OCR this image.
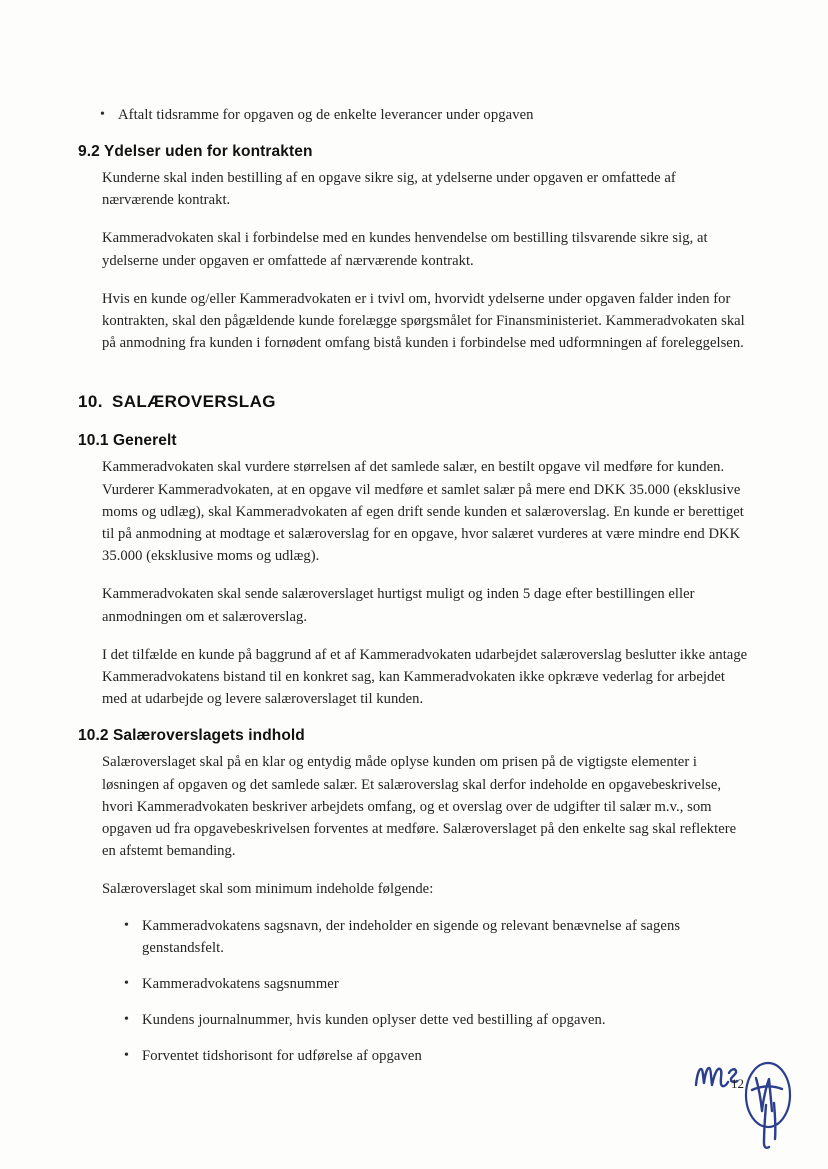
• Aftalt tidsramme for opgaven og de enkelte leverancer under opgaven
9.2 Ydelser uden for kontrakten

Kunderne skal inden bestilling af en opgave sikre sig, at ydelserne under opgaven er omfattede af nærværende kontrakt.

Kammeradvokaten skal i forbindelse med en kundes henvendelse om bestilling tilsvarende sikre sig, at ydelserne under opgaven er omfattede af nærværende kontrakt.

Hvis en kunde og/eller Kammeradvokaten er i tvivl om, hvorvidt ydelserne under opgaven falder inden for kontrakten, skal den pågældende kunde forelægge spørgsmålet for Finansministeriet. Kammeradvokaten skal på anmodning fra kunden i fornødent omfang bistå kunden i forbindelse med udformningen af foreleggelsen.

10. SALÆROVERSLAG
10.1 Generelt

Kammeradvokaten skal vurdere størrelsen af det samlede salær, en bestilt opgave vil medføre for kunden. Vurderer Kammeradvokaten, at en opgave vil medføre et samlet salær på mere end DKK 35.000 (eksklusive moms og udlæg), skal Kammeradvokaten af egen drift sende kunden et salæroverslag. En kunde er berettiget til på anmodning at modtage et salæroverslag for en opgave, hvor salæret vurderes at være mindre end DKK 35.000 (eksklusive moms og udlæg).

Kammeradvokaten skal sende salæroverslaget hurtigst muligt og inden 5 dage efter bestillingen eller anmodningen om et salæroverslag.

I det tilfælde en kunde på baggrund af et af Kammeradvokaten udarbejdet salæroverslag beslutter ikke antage Kammeradvokatens bistand til en konkret sag, kan Kammeradvokaten ikke opkræve vederlag for arbejdet med at udarbejde og levere salæroverslaget til kunden.

10.2 Salæroverslagets indhold

Salæroverslaget skal på en klar og entydig måde oplyse kunden om prisen på de vigtigste elementer i løsningen af opgaven og det samlede salær. Et salæroverslag skal derfor indeholde en opgavebeskrivelse, hvori Kammeradvokaten beskriver arbejdets omfang, og et overslag over de udgifter til salær m.v., som opgaven ud fra opgavebeskrivelsen forventes at medføre. Salæroverslaget på den enkelte sag skal reflektere en afstemt bemanding.

Salæroverslaget skal som minimum indeholde følgende:

• Kammeradvokatens sagsnavn, der indeholder en sigende og relevant benævnelse af sagens genstandsfelt.
• Kammeradvokatens sagsnummer
• Kundens journalnummer, hvis kunden oplyser dette ved bestilling af opgaven.
• Forventet tidshorisont for udførelse af opgaven
12
